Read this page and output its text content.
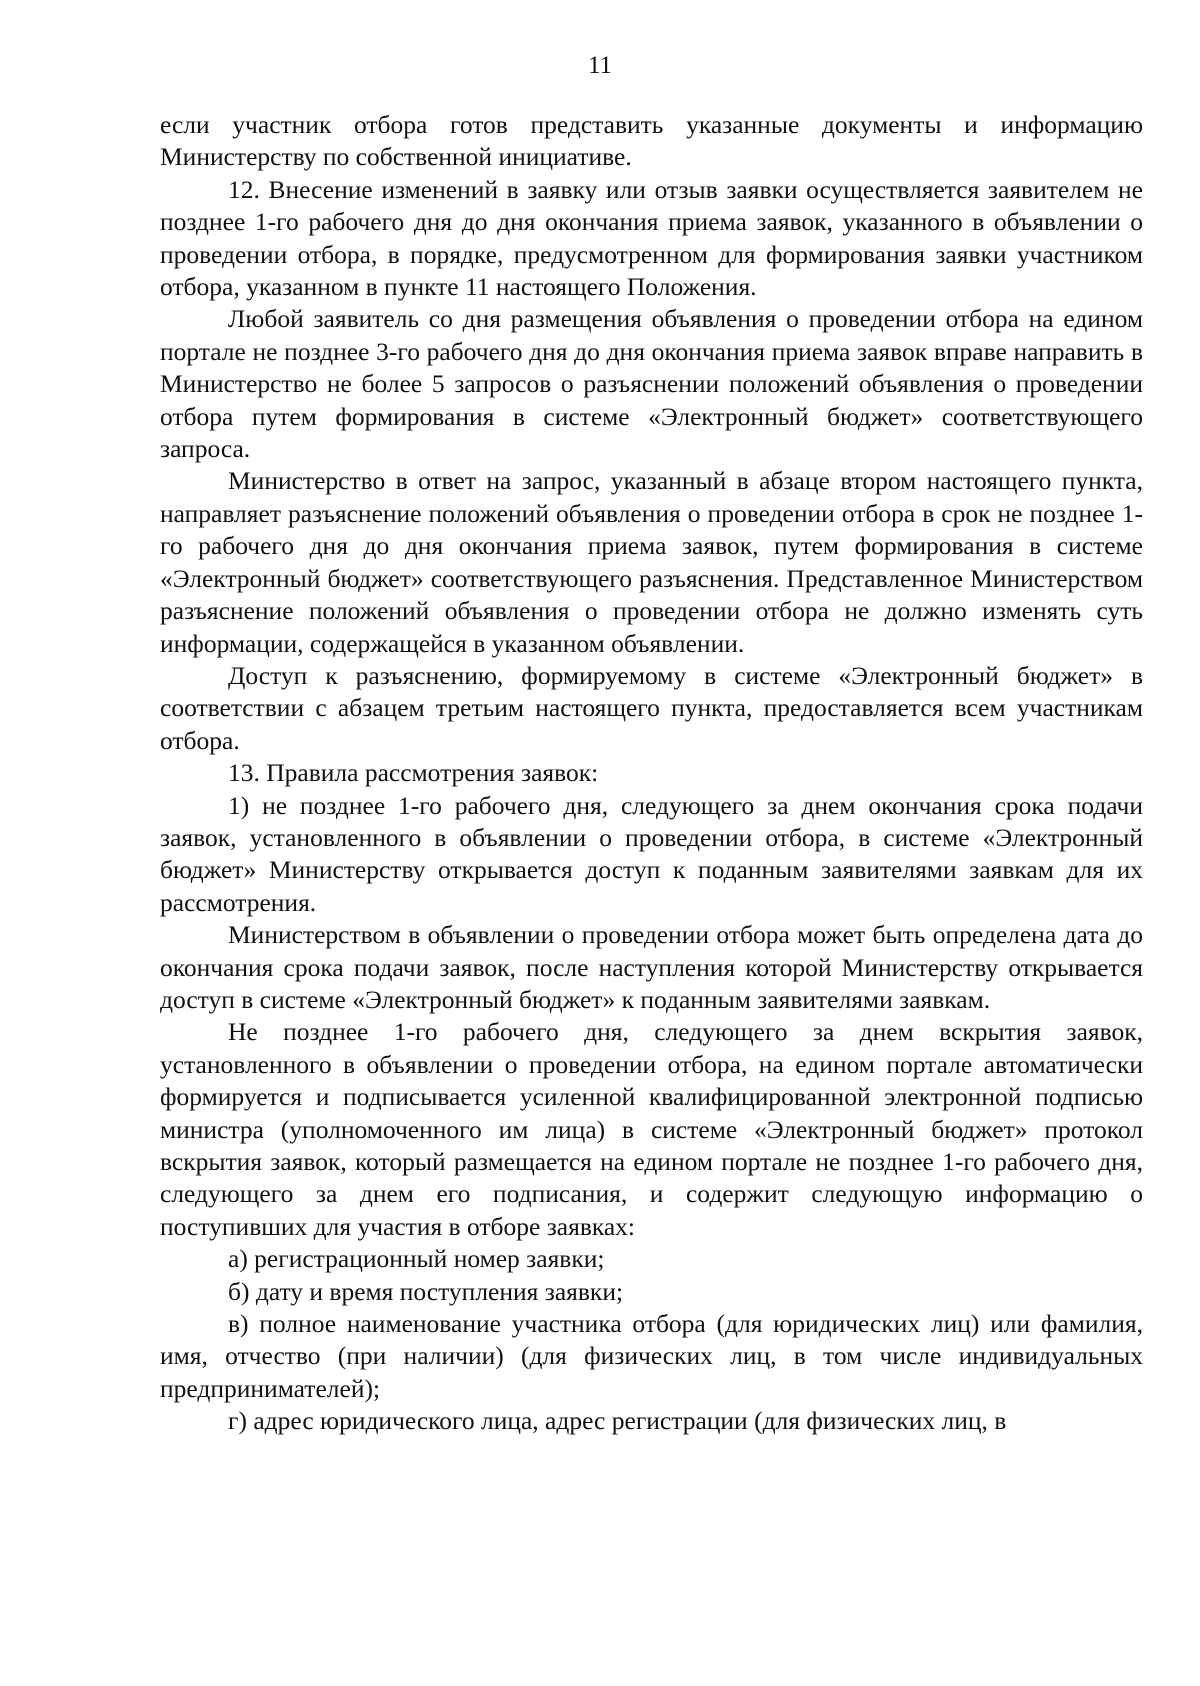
11

если участник отбора готов представить указанные документы и информацию Министерству по собственной инициативе.

12. Внесение изменений в заявку или отзыв заявки осуществляется заявителем не позднее 1-го рабочего дня до дня окончания приема заявок, указанного в объявлении о проведении отбора, в порядке, предусмотренном для формирования заявки участником отбора, указанном в пункте 11 настоящего Положения.

Любой заявитель со дня размещения объявления о проведении отбора на едином портале не позднее 3-го рабочего дня до дня окончания приема заявок вправе направить в Министерство не более 5 запросов о разъяснении положений объявления о проведении отбора путем формирования в системе «Электронный бюджет» соответствующего запроса.

Министерство в ответ на запрос, указанный в абзаце втором настоящего пункта, направляет разъяснение положений объявления о проведении отбора в срок не позднее 1-го рабочего дня до дня окончания приема заявок, путем формирования в системе «Электронный бюджет» соответствующего разъяснения. Представленное Министерством разъяснение положений объявления о проведении отбора не должно изменять суть информации, содержащейся в указанном объявлении.

Доступ к разъяснению, формируемому в системе «Электронный бюджет» в соответствии с абзацем третьим настоящего пункта, предоставляется всем участникам отбора.

13. Правила рассмотрения заявок:

1) не позднее 1-го рабочего дня, следующего за днем окончания срока подачи заявок, установленного в объявлении о проведении отбора, в системе «Электронный бюджет» Министерству открывается доступ к поданным заявителями заявкам для их рассмотрения.

Министерством в объявлении о проведении отбора может быть определена дата до окончания срока подачи заявок, после наступления которой Министерству открывается доступ в системе «Электронный бюджет» к поданным заявителями заявкам.

Не позднее 1-го рабочего дня, следующего за днем вскрытия заявок, установленного в объявлении о проведении отбора, на едином портале автоматически формируется и подписывается усиленной квалифицированной электронной подписью министра (уполномоченного им лица) в системе «Электронный бюджет» протокол вскрытия заявок, который размещается на едином портале не позднее 1-го рабочего дня, следующего за днем его подписания, и содержит следующую информацию о поступивших для участия в отборе заявках:

а) регистрационный номер заявки;

б) дату и время поступления заявки;

в) полное наименование участника отбора (для юридических лиц) или фамилия, имя, отчество (при наличии) (для физических лиц, в том числе индивидуальных предпринимателей);

г) адрес юридического лица, адрес регистрации (для физических лиц, в
